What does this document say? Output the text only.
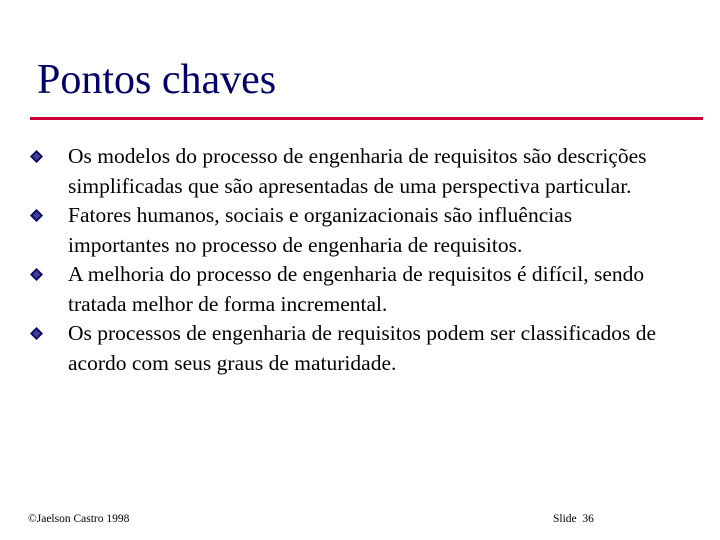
Pontos chaves
Os modelos do processo de engenharia de requisitos são descrições simplificadas que são apresentadas de uma perspectiva particular.
Fatores humanos, sociais e organizacionais são influências importantes no processo de engenharia de requisitos.
A melhoria do processo de engenharia de requisitos é difícil, sendo tratada melhor de forma incremental.
Os processos de engenharia de requisitos podem ser classificados de acordo com seus graus de maturidade.
©Jaelson Castro 1998	Slide 36
